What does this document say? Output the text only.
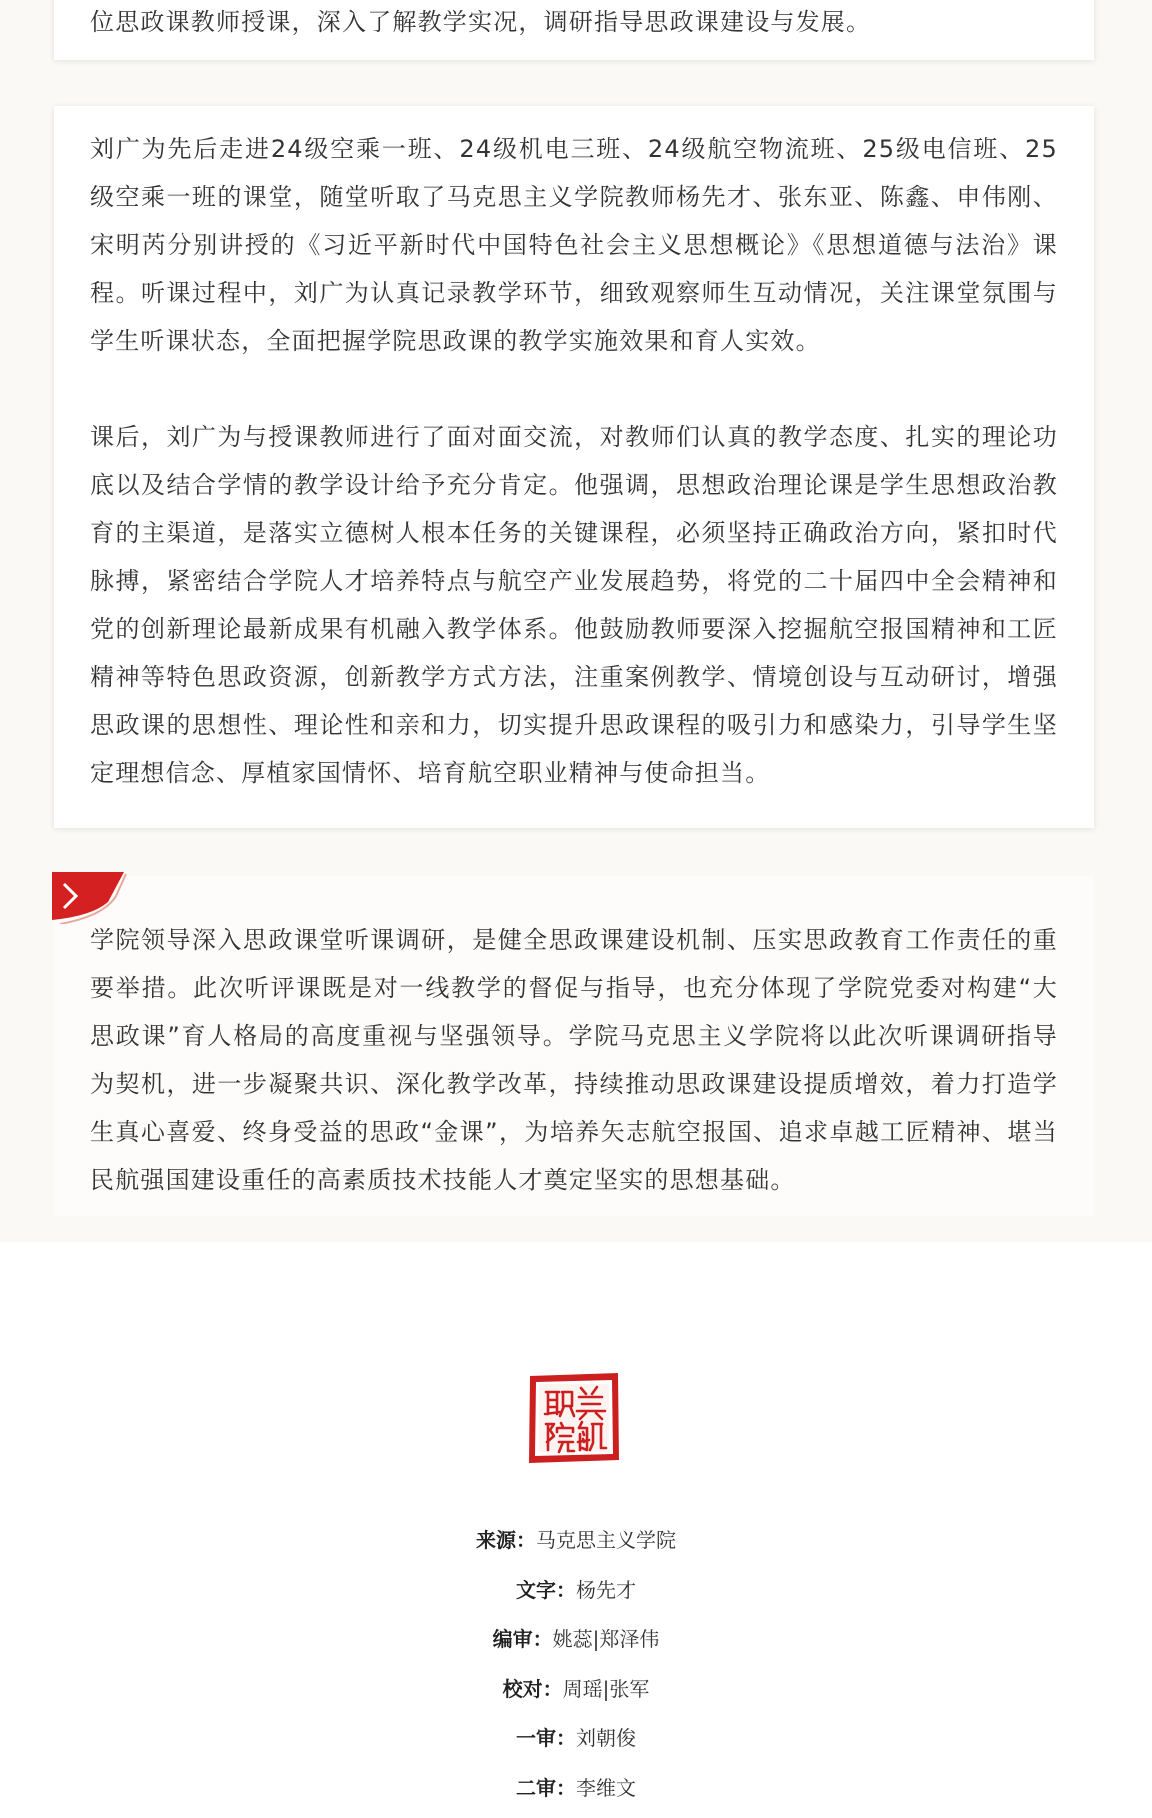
位思政课教师授课，深入了解教学实况，调研指导思政课建设与发展。

刘广为先后走进24级空乘一班、24级机电三班、24级航空物流班、25级电信班、25级空乘一班的课堂，随堂听取了马克思主义学院教师杨先才、张东亚、陈鑫、申伟刚、宋明芮分别讲授的《习近平新时代中国特色社会主义思想概论》《思想道德与法治》课程。听课过程中，刘广为认真记录教学环节，细致观察师生互动情况，关注课堂氛围与学生听课状态，全面把握学院思政课的教学实施效果和育人实效。

课后，刘广为与授课教师进行了面对面交流，对教师们认真的教学态度、扎实的理论功底以及结合学情的教学设计给予充分肯定。他强调，思想政治理论课是学生思想政治教育的主渠道，是落实立德树人根本任务的关键课程，必须坚持正确政治方向，紧扣时代脉搏，紧密结合学院人才培养特点与航空产业发展趋势，将党的二十届四中全会精神和党的创新理论最新成果有机融入教学体系。他鼓励教师要深入挖掘航空报国精神和工匠精神等特色思政资源，创新教学方式方法，注重案例教学、情境创设与互动研讨，增强思政课的思想性、理论性和亲和力，切实提升思政课程的吸引力和感染力，引导学生坚定理想信念、厚植家国情怀、培育航空职业精神与使命担当。

学院领导深入思政课堂听课调研，是健全思政课建设机制、压实思政教育工作责任的重要举措。此次听评课既是对一线教学的督促与指导，也充分体现了学院党委对构建“大思政课”育人格局的高度重视与坚强领导。学院马克思主义学院将以此次听课调研指导为契机，进一步凝聚共识、深化教学改革，持续推动思政课建设提质增效，着力打造学生真心喜爱、终身受益的思政“金课”，为培养矢志航空报国、追求卓越工匠精神、堪当民航强国建设重任的高素质技术技能人才奠定坚实的思想基础。

来源：马克思主义学院
文字：杨先才
编审：姚蕊|郑泽伟
校对：周瑶|张军
一审：刘朝俊
二审：李维文
